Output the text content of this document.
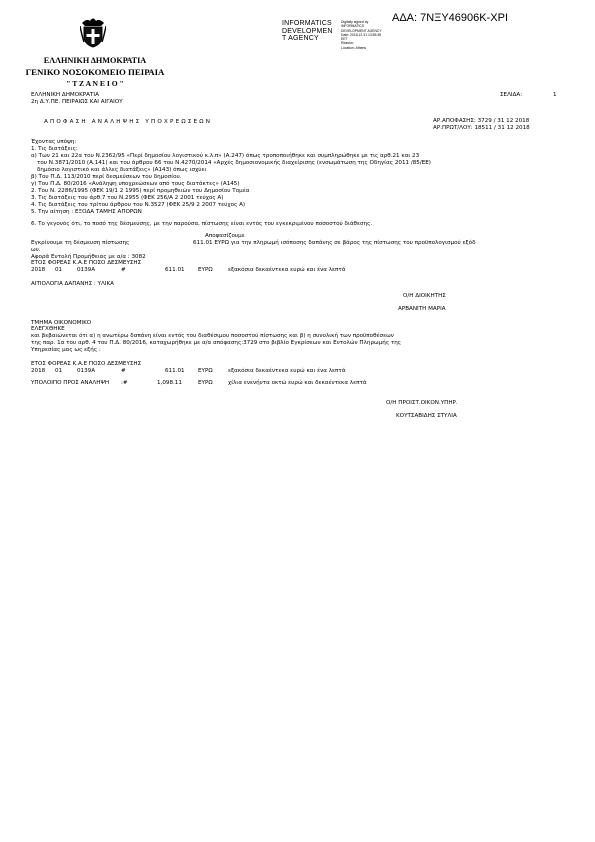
ΑΔΑ: 7ΝΞΥ46906Κ-ΧΡΙ
INFORMATICS
DEVELOPMEN
T AGENCY
Digitally signed by
INFORMATICS
DEVELOPMENT AGENCY
Date: 2018.12.31 13:55:35
EET
Reason:
Location: Athens
ΕΛΛΗΝΙΚΗ ΔΗΜΟΚΡΑΤΙΑ
ΓΕΝΙΚΟ ΝΟΣΟΚΟΜΕΙΟ ΠΕΙΡΑΙΑ
" Τ Ζ Α Ν Ε Ι Ο "
ΕΛΛΗΝΙΚΗ ΔΗΜΟΚΡΑΤΙΑ
2η Δ.Υ.ΠΕ. ΠΕΙΡΑΙΩΣ ΚΑΙ ΑΙΓΑΙΟΥ
ΣΕΛΙΔΑ:	1
ΑΠΟΦΑΣΗ ΑΝΑΛΗΨΗΣ ΥΠΟΧΡΕΩΣΕΩΝ	ΑΡ.ΑΠΟΦΑΣΗΣ: 3729 / 31 12 2018
ΑΡ.ΠΡΩΤ/ΛΟΥ: 18511 / 31 12 2018
Έχοντας υπόψη:
1. Τις διατάξεις:
α) Των 21 και 22α του Ν.2362/95 «Περί δημοσίου λογιστικού κ.λ.π» (Α.247) όπως τροποποιήθηκε και συμπληρώθηκε με τις αρθ.21 και 23
του Ν.3871/2010 (Α.141) και του άρθρου 66 του Ν.4270/2014 «Αρχές δημοσιονομικής διαχείρισης (ενσωμάτωση της Οδηγίας 2011 /85/ΕΕ)
δημόσιο λογιστικό και άλλες διατάξεις» (Α143) όπως ισχύει
β) Του Π.Δ. 113/2010 περί δεσμεύσεων του δημοσίου.
γ) Του Π.Δ. 80/2016 «Ανάληψη υποχρεώσεων από τους διατάκτες» (Α145)
2. Του Ν. 2286/1995 (ΦΕΚ 19/1 2 1995) περί προμηθειών του Δημοσίου Τομέα
3. Τις διατάξεις του άρθ.7 του Ν.2955 (ΦΕΚ 256/Α 2 2001 τεύχος Α)
4. Τις διατάξεις του τρίτου άρθρου του Ν.3527 (ΦΕΚ 25/9 2 2007 τεύχος Α)
5. Την αίτηση : ΕΞΟΔΑ ΤΑΜΗΣ ΑΠΟΡΩΝ
6. Το γεγονός ότι, το ποσό της δέσμευσης, με την παρούσα, πίστωσης είναι εντός του εγκεκριμένου ποσοστού διάθεσης.
Αποφασίζουμε
Εγκρίνουμε τη δέσμευση πίστωσης	611.01 ΕΥΡΩ για την πληρωμή ισόποσης δαπάνης σε βάρος της πίστωσης του προϋπολογισμού εξόδ
ων.
Αφορά Εντολή Προμήθειας με α/α : 3082
ΕΤΟΣ ΦΟΡΕΑΣ Κ.Α.Ε ΠΟΣΟ ΔΕΣΜΕΥΣΗΣ
2018 01	0139Α	#	611.01 ΕΥΡΩ	εξακόσια δεκαέντεκα ευρώ και ένα λεπτά
ΑΙΤΙΟΛΟΓΙΑ ΔΑΠΑΝΗΣ : ΥΛΙΚΑ
Ο/Η ΔΙΟΙΚΗΤΗΣ
ΑΡΒΑΝΙΤΗ ΜΑΡΙΑ
ΤΜΗΜΑ ΟΙΚΟΝΟΜΙΚΟ
ΕΛΕΓΧΘΗΚΕ
και βεβαιώνεται ότι α) η ανωτέρω δαπάνη είναι εντός του διαθέσιμου ποσοστού πίστωσης και β) η συνολική των προϋποθέσεων
της παρ. 1α του αρθ. 4 του Π.Δ. 80/2016, καταχωρήθηκε με α/α απόφασης:3729 στο βιβλίο Εγκρίσεων και Εντολών Πληρωμής της
Υπηρεσίας μας ως εξής :
ΕΤΟΣ ΦΟΡΕΑΣ Κ.Α.Ε ΠΟΣΟ ΔΕΣΜΕΥΣΗΣ
2018 01	0139Α	#	611.01 ΕΥΡΩ	εξακόσια δεκαέντεκα ευρώ και ένα λεπτά
ΥΠΟΛΟΙΠΟ ΠΡΟΣ ΑΝΑΛΗΨΗ :#	1,098.11	ΕΥΡΩ	χίλια ενενήντα οκτώ ευρώ και δεκαέντεκα λεπτά
Ο/Η ΠΡΟΙΣΤ.ΟΙΚΟΝ.ΥΠΗΡ.
ΚΟΥΤΣΑΒΙΔΗΣ ΣΤΥΛΙΑ
